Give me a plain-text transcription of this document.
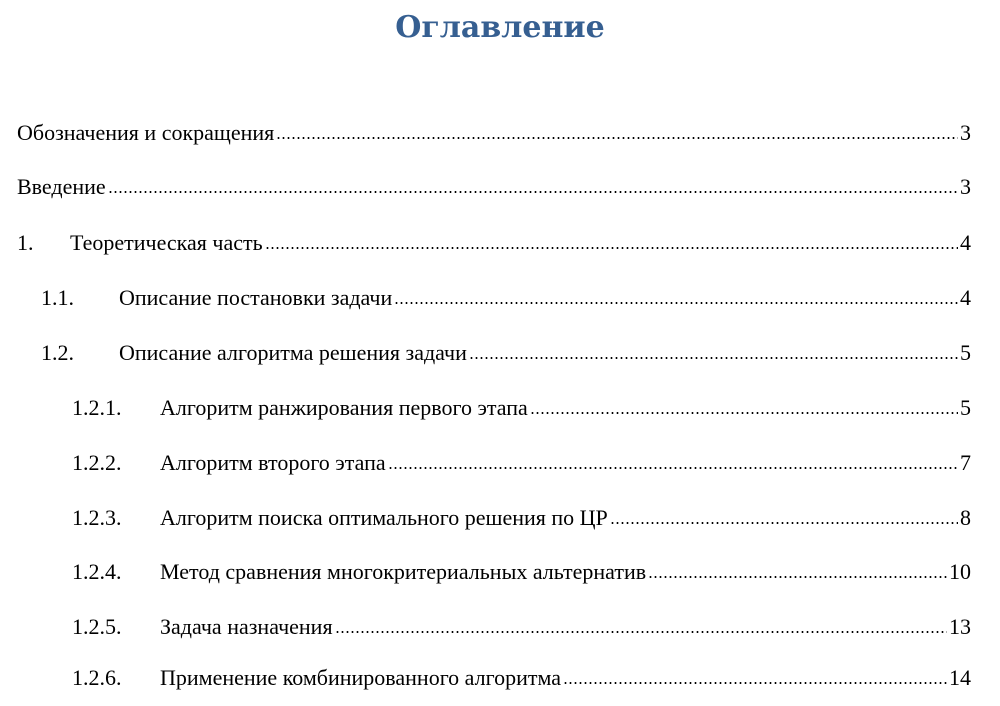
Оглавление
Обозначения и сокращения	3
Введение	3
1.	Теоретическая часть	4
1.1.	Описание постановки задачи	4
1.2.	Описание алгоритма решения задачи	5
1.2.1.	Алгоритм ранжирования первого этапа	5
1.2.2.	Алгоритм второго этапа	7
1.2.3.	Алгоритм поиска оптимального решения по ЦР	8
1.2.4.	Метод сравнения многокритериальных альтернатив	10
1.2.5.	Задача назначения	13
1.2.6.	Применение комбинированного алгоритма	14
